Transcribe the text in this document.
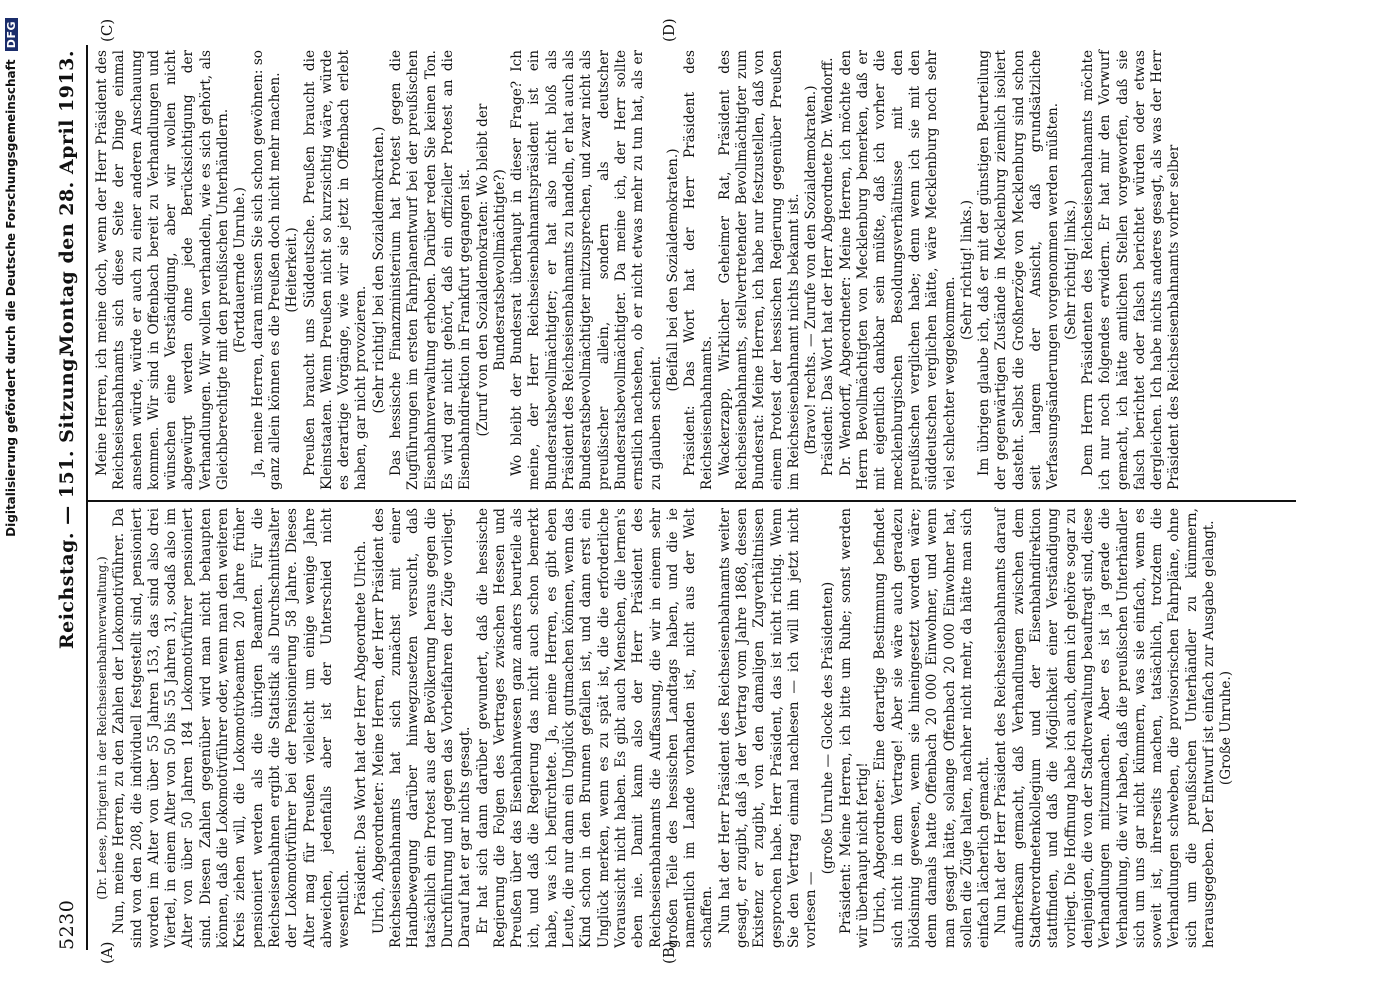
5230
Reichstag. — 151. Sitzung.
Montag den 28. April 1913.
(A)	(B)
(C)	(D)

(Dr. Leese, Dirigent in der Reichseisenbahnverwaltung.) Nun, meine Herren, zu den Zahlen der Lokomotivführer. Da sind von den 208, die individuell festgestellt sind, pensioniert worden im Alter von über 55 Jahren 153, das sind also drei Viertel, in einem Alter von 50 bis 55 Jahren 31, sodaß also im Alter von über 50 Jahren 184 Lokomotivführer pensioniert sind. Diesen Zahlen gegenüber wird man nicht behaupten können, daß die Lokomotivführer oder, wenn man den weiteren Kreis ziehen will, die Lokomotivbeamten 20 Jahre früher pensioniert werden als die übrigen Beamten. Für die Reichseisenbahnen ergibt die Statistik als Durchschnittsalter der Lokomotivführer bei der Pensionierung 58 Jahre. Dieses Alter mag für Preußen vielleicht um einige wenige Jahre abweichen, jedenfalls aber ist der Unterschied nicht wesentlich. Präsident: Das Wort hat der Herr Abgeordnete Ulrich. Ulrich, Abgeordneter: Meine Herren, der Herr Präsident des Reichseisenbahnamts hat sich zunächst mit einer Handbewegung darüber hinwegzusetzen versucht, daß tatsächlich ein Protest aus der Bevölkerung heraus gegen die Durchführung und gegen das Vorbeifahren der Züge vorliegt. Darauf hat er gar nichts gesagt. Er hat sich dann darüber gewundert, daß die hessische Regierung die Folgen des Vertrages zwischen Hessen und Preußen über das Eisenbahnwesen ganz anders beurteile als ich, und daß die Regierung das nicht auch schon bemerkt habe, was ich befürchtete. Ja, meine Herren, es gibt eben Leute, die nur dann ein Unglück gutmachen können, wenn das Kind schon in den Brunnen gefallen ist, und dann erst ein Unglück merken, wenn es zu spät ist, die die erforderliche Voraussicht nicht haben. Es gibt auch Menschen, die lernen's eben nie. Damit kann also der Herr Präsident des Reichseisenbahnamts die Auffassung, die wir in einem sehr großen Teile des hessischen Landtags haben, und die ie namentlich im Lande vorhanden ist, nicht aus der Welt schaffen. Nun hat der Herr Präsident des Reichseisenbahnamts weiter gesagt, er zugibt, daß ja der Vertrag vom Jahre 1868, dessen Existenz er zugibt, von den damaligen Zugverhältnissen gesprochen habe. Herr Präsident, das ist nicht richtig. Wenn Sie den Vertrag einmal nachlesen — ich will ihn jetzt nicht vorlesen —

(große Unruhe — Glocke des Präsidenten) Präsident: Meine Herren, ich bitte um Ruhe; sonst werden wir überhaupt nicht fertig! Ulrich, Abgeordneter: Eine derartige Bestimmung befindet sich nicht in dem Vertrage! Aber sie wäre auch geradezu blödsinnig gewesen, wenn sie hineingesetzt worden wäre; denn damals hatte Offenbach 20 000 Einwohner, und wenn man gesagt hätte, solange Offenbach 20 000 Einwohner hat, sollen die Züge halten, nachher nicht mehr, da hätte man sich einfach lächerlich gemacht. Nun hat der Herr Präsident des Reichseisenbahnamts darauf aufmerksam gemacht, daß Verhandlungen zwischen dem Stadtverordnetenkollegium und der Eisenbahndirektion stattfinden, und daß die Möglichkeit einer Verständigung vorliegt. Die Hoffnung habe ich auch, denn ich gehöre sogar zu denjenigen, die von der Stadtverwaltung beauftragt sind, diese Verhandlungen mitzumachen. Aber es ist ja gerade die Verhandlung, die wir haben, daß die preußischen Unterhändler sich um uns gar nicht kümmern, was sie einfach, wenn es soweit ist, ihrerseits machen, tatsächlich, trotzdem die Verhandlungen schweben, die provisorischen Fahrpläne, ohne sich um die preußischen Unterhändler zu kümmern, herausgegeben. Der Entwurf ist einfach zur Ausgabe gelangt. (Große Unruhe.)

Meine Herren, ich meine doch, wenn der Herr Präsident des Reichseisenbahnamts sich diese Seite der Dinge einmal ansehen würde, würde er auch zu einer anderen Anschauung kommen. Wir sind in Offenbach bereit zu Verhandlungen und wünschen eine Verständigung, aber wir wollen nicht abgewürgt werden ohne jede Berücksichtigung der Verhandlungen. Wir wollen verhandeln, wie es sich gehört, als Gleichberechtigte mit den preußischen Unterhändlern. (Fortdauernde Unruhe.) Ja, meine Herren, daran müssen Sie sich schon gewöhnen: so ganz allein können es die Preußen doch nicht mehr machen. (Heiterkeit.) Preußen braucht uns Süddeutsche. Preußen braucht die Kleinstaaten. Wenn Preußen nicht so kurzsichtig wäre, würde es derartige Vorgänge, wie wir sie jetzt in Offenbach erlebt haben, gar nicht provozieren. (Sehr richtig! bei den Sozialdemokraten.) Das hessische Finanzministerium hat Protest gegen die Zugführungen im ersten Fahrplanentwurf bei der preußischen Eisenbahnverwaltung erhoben. Darüber reden Sie keinen Ton. Es wird gar nicht gehört, daß ein offizieller Protest an die Eisenbahndirektion in Frankfurt gegangen ist. (Zuruf von den Sozialdemokraten: Wo bleibt der Bundesratsbevollmächtigte?) Wo bleibt der Bundesrat überhaupt in dieser Frage? Ich meine, der Herr Reichseisenbahnamtspräsident ist ein Bundesratsbevollmächtigter; er hat also nicht bloß als Präsident des Reichseisenbahnamts zu handeln, er hat auch als Bundesratsbevollmächtigter mitzusprechen, und zwar nicht als preußischer allein, sondern als deutscher Bundesratsbevollmächtigter. Da meine ich, der Herr sollte ernstlich nachsehen, ob er nicht etwas mehr zu tun hat, als er zu glauben scheint.

(Beifall bei den Sozialdemokraten.) Präsident: Das Wort hat der Herr Präsident des Reichseisenbahnamts. Wackerzapp, Wirklicher Geheimer Rat, Präsident des Reichseisenbahnamts, stellvertretender Bevollmächtigter zum Bundesrat: Meine Herren, ich habe nur festzustellen, daß von einem Protest der hessischen Regierung gegenüber Preußen im Reichseisenbahnamt nichts bekannt ist. (Bravo! rechts. — Zurufe von den Sozialdemokraten.) Präsident: Das Wort hat der Herr Abgeordnete Dr. Wendorff. Dr. Wendorff, Abgeordneter: Meine Herren, ich möchte den Herrn Bevollmächtigten von Mecklenburg bemerken, daß er mit eigentlich dankbar sein müßte, daß ich vorher die mecklenburgischen Besoldungsverhältnisse mit den preußischen verglichen habe; denn wenn ich sie mit den süddeutschen verglichen hätte, wäre Mecklenburg noch sehr viel schlechter weggekommen.

(Sehr richtig! links.) Im übrigen glaube ich, daß er mit der günstigen Beurteilung der gegenwärtigen Zustände in Mecklenburg ziemlich isoliert dasteht. Selbst die Großherzöge von Mecklenburg sind schon seit langem der Ansicht, daß grundsätzliche Verfassungsänderungen vorgenommen werden müßten. (Sehr richtig! links.) Dem Herrn Präsidenten des Reichseisenbahnamts möchte ich nur noch folgendes erwidern. Er hat mir den Vorwurf gemacht, ich hätte amtlichen Stellen vorgeworfen, daß sie falsch berichtet oder falsch berichtet würden oder etwas dergleichen. Ich habe nichts anderes gesagt, als was der Herr Präsident des Reichseisenbahnamts vorher selber

Digitalisierung gefördert durch die Deutsche Forschungsgemeinschaft DFG
